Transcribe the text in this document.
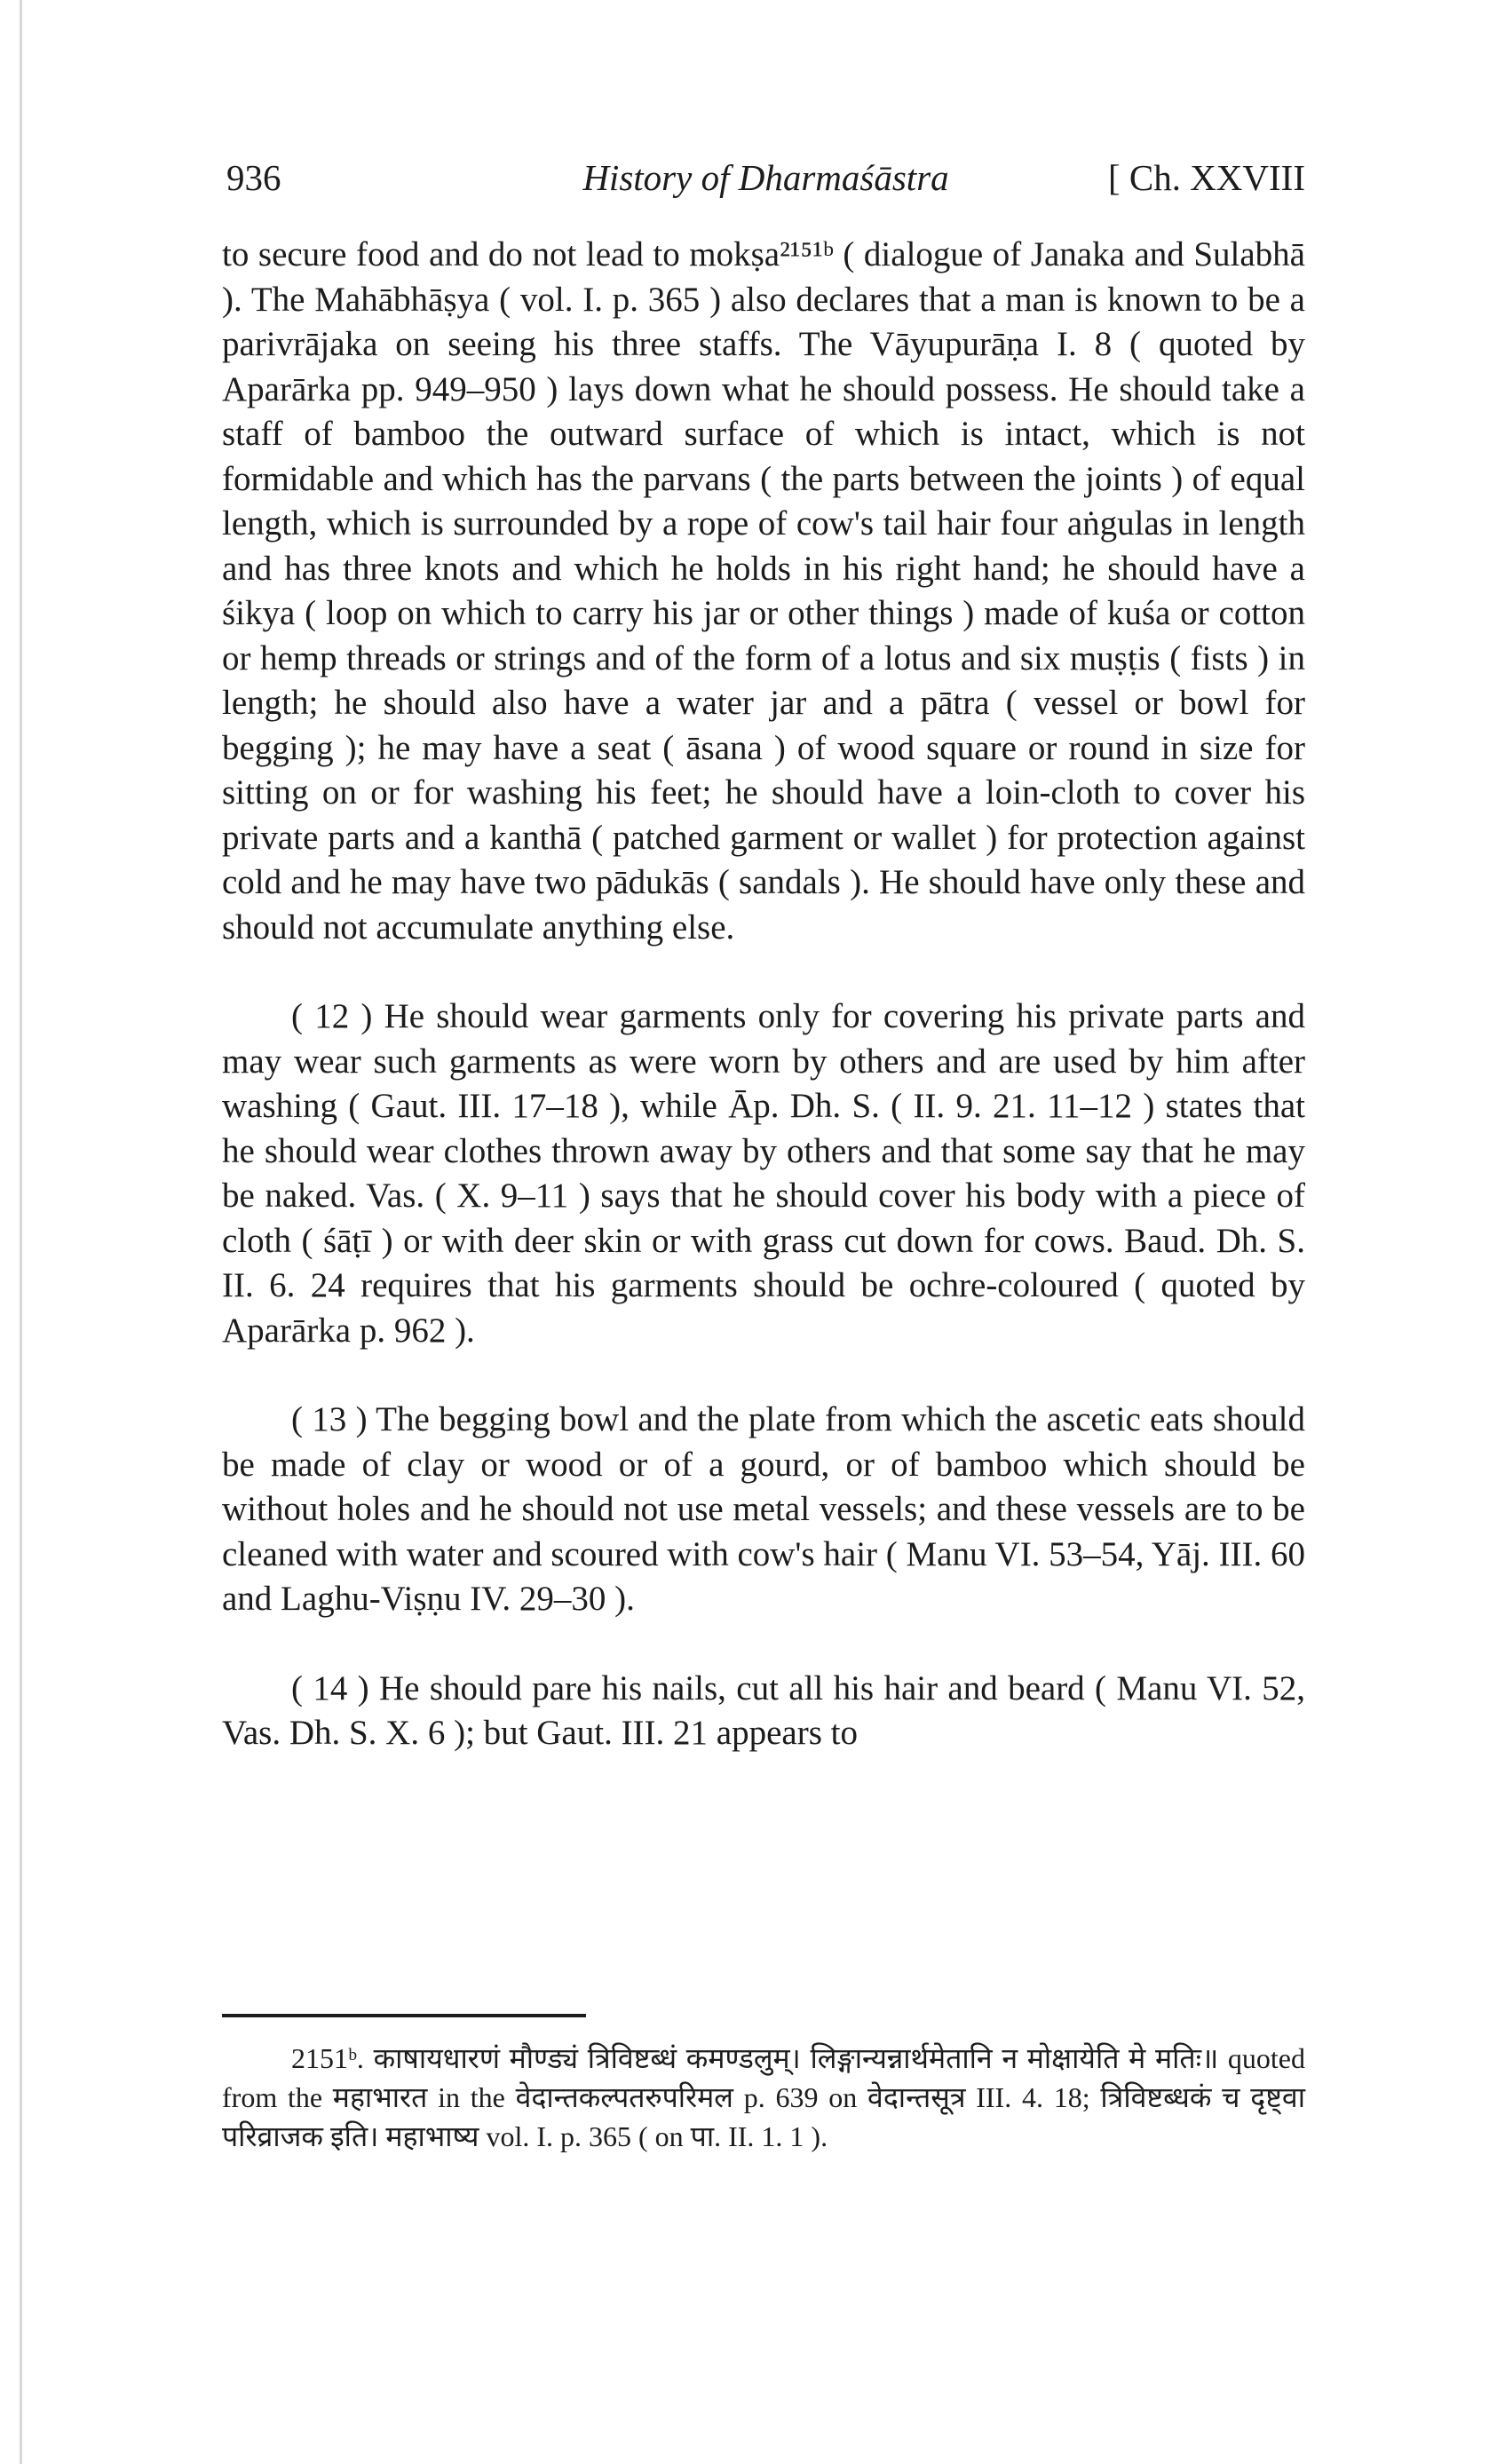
936	History of Dharmaśāstra	[ Ch. XXVIII

to secure food and do not lead to mokṣa²¹⁵¹ᵇ ( dialogue of Janaka and Sulabhā ). The Mahābhāṣya ( vol. I. p. 365 ) also declares that a man is known to be a parivrājaka on seeing his three staffs. The Vāyupurāṇa I. 8 ( quoted by Aparārka pp. 949–950 ) lays down what he should possess. He should take a staff of bamboo the outward surface of which is intact, which is not formidable and which has the parvans ( the parts between the joints ) of equal length, which is surrounded by a rope of cow's tail hair four aṅgulas in length and has three knots and which he holds in his right hand; he should have a śikya ( loop on which to carry his jar or other things ) made of kuśa or cotton or hemp threads or strings and of the form of a lotus and six muṣṭis ( fists ) in length; he should also have a water jar and a pātra ( vessel or bowl for begging ); he may have a seat ( āsana ) of wood square or round in size for sitting on or for washing his feet; he should have a loin-cloth to cover his private parts and a kanthā ( patched garment or wallet ) for protection against cold and he may have two pādukās ( sandals ). He should have only these and should not accumulate anything else.

( 12 ) He should wear garments only for covering his private parts and may wear such garments as were worn by others and are used by him after washing ( Gaut. III. 17–18 ), while Āp. Dh. S. ( II. 9. 21. 11–12 ) states that he should wear clothes thrown away by others and that some say that he may be naked. Vas. ( X. 9–11 ) says that he should cover his body with a piece of cloth ( śāṭī ) or with deer skin or with grass cut down for cows. Baud. Dh. S. II. 6. 24 requires that his garments should be ochre-coloured ( quoted by Aparārka p. 962 ).

( 13 ) The begging bowl and the plate from which the ascetic eats should be made of clay or wood or of a gourd, or of bamboo which should be without holes and he should not use metal vessels; and these vessels are to be cleaned with water and scoured with cow's hair ( Manu VI. 53–54, Yāj. III. 60 and Laghu-Viṣṇu IV. 29–30 ).

( 14 ) He should pare his nails, cut all his hair and beard ( Manu VI. 52, Vas. Dh. S. X. 6 ); but Gaut. III. 21 appears to

2151ᵇ. काषायधारणं मौण्ड्यं त्रिविष्टब्धं कमण्डलुम्। लिङ्गान्यन्नार्थमेतानि न मोक्षायेति मे मतिः॥ quoted from the महाभारत in the वेदान्तकल्पतरुपरिमल p. 639 on वेदान्तसूत्र III. 4. 18; त्रिविष्टब्धकं च दृष्ट्वा परिव्राजक इति। महाभाष्य vol. I. p. 365 ( on पा. II. 1. 1 ).
